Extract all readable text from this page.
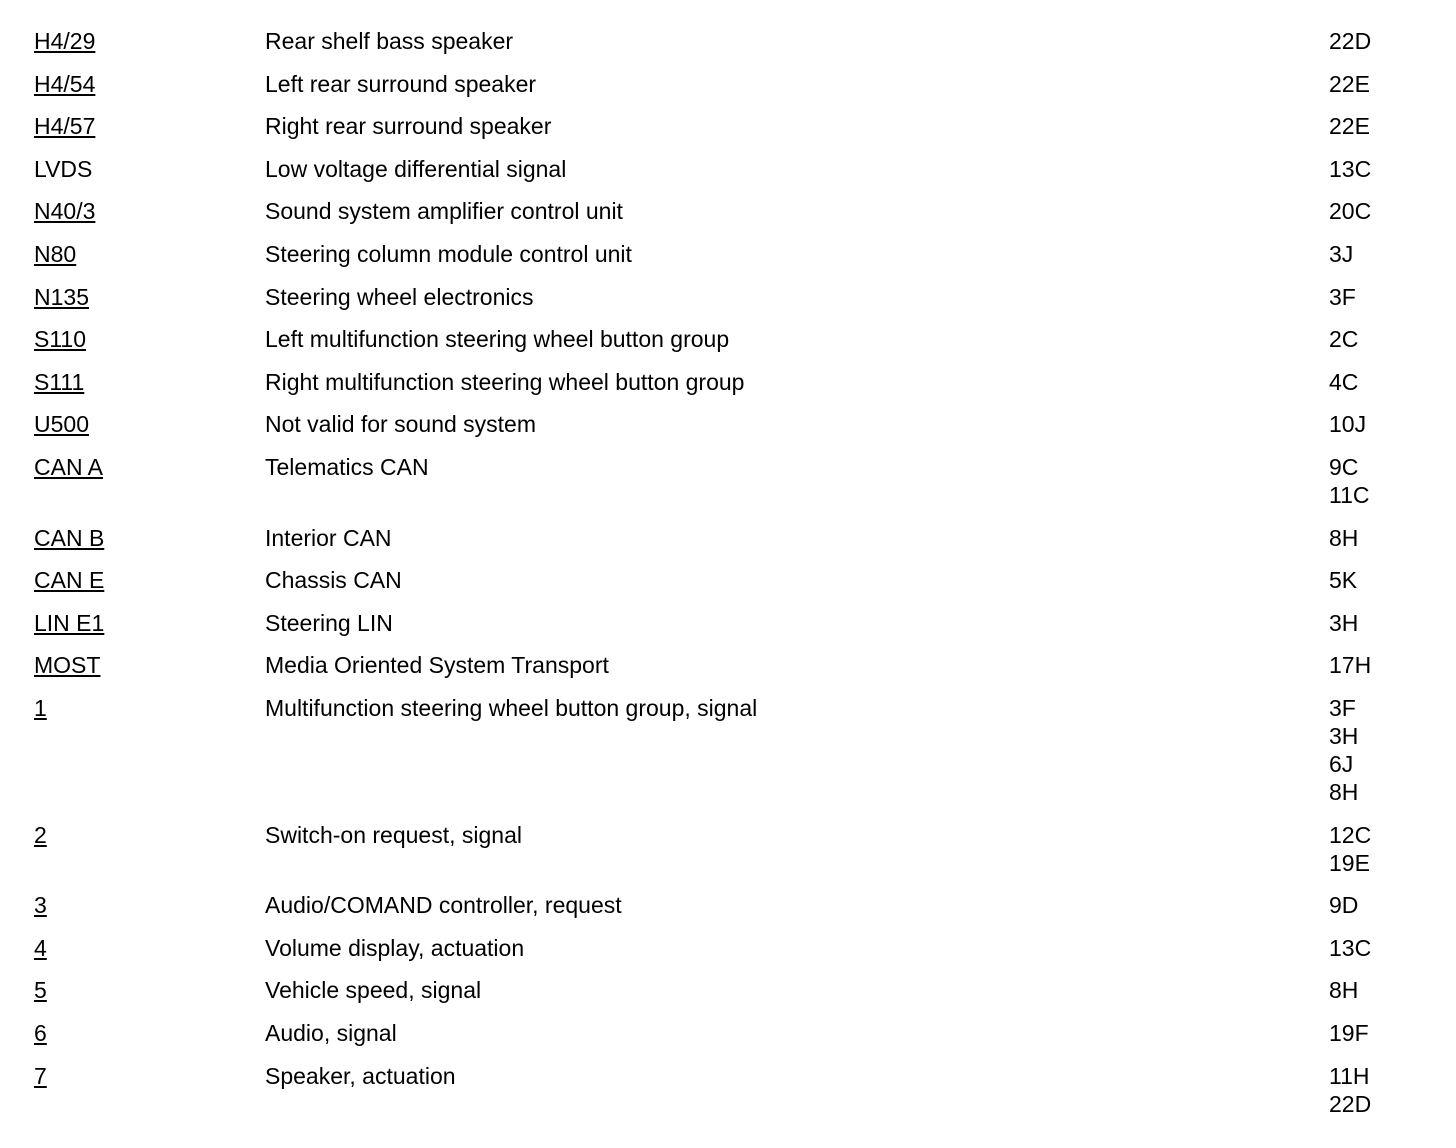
H4/29	Rear shelf bass speaker	22D
H4/54	Left rear surround speaker	22E
H4/57	Right rear surround speaker	22E
LVDS	Low voltage differential signal	13C
N40/3	Sound system amplifier control unit	20C
N80	Steering column module control unit	3J
N135	Steering wheel electronics	3F
S110	Left multifunction steering wheel button group	2C
S111	Right multifunction steering wheel button group	4C
U500	Not valid for sound system	10J
CAN A	Telematics CAN	9C
11C
CAN B	Interior CAN	8H
CAN E	Chassis CAN	5K
LIN E1	Steering LIN	3H
MOST	Media Oriented System Transport	17H
1	Multifunction steering wheel button group, signal	3F
3H
6J
8H
2	Switch-on request, signal	12C
19E
3	Audio/COMAND controller, request	9D
4	Volume display, actuation	13C
5	Vehicle speed, signal	8H
6	Audio, signal	19F
7	Speaker, actuation	11H
22D
